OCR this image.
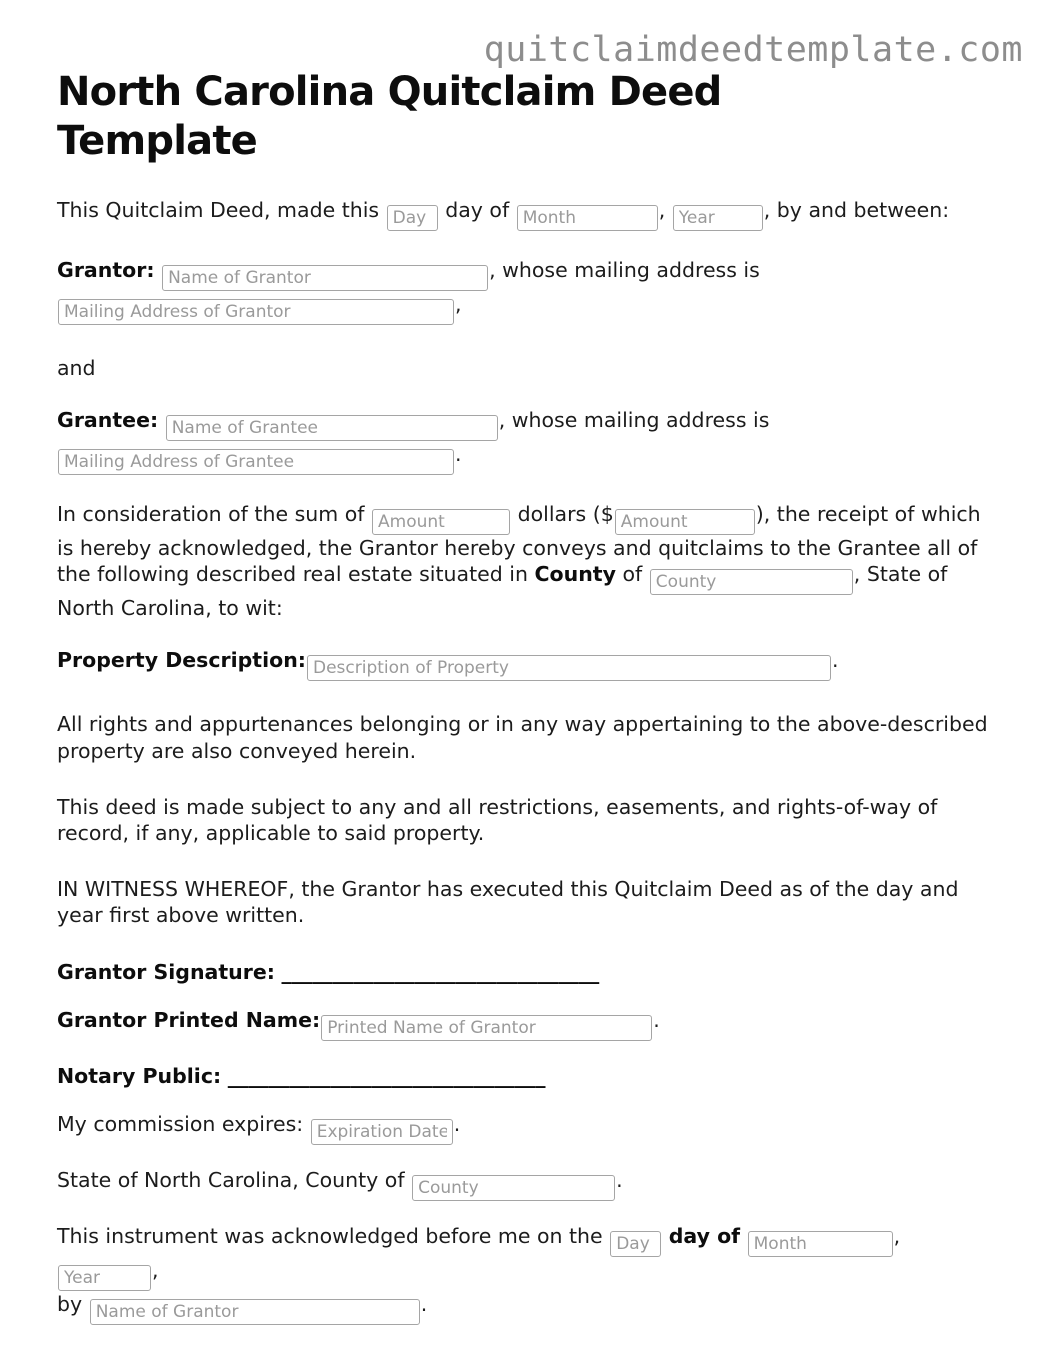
quitclaimdeedtemplate.com
North Carolina Quitclaim Deed Template

This Quitclaim Deed, made this Day	day of Month	, Year	, by and between:

Grantor: Name of Grantor	, whose mailing address is
Mailing Address of Grantor,

and

Grantee: Name of Grantee	, whose mailing address is
Mailing Address of Grantee.

In consideration of the sum of Amount	dollars ($Amount	), the receipt of which is hereby acknowledged, the Grantor hereby conveys and quitclaims to the Grantee all of the following described real estate situated in County of County	, State of North Carolina, to wit:

Property Description:Description of Property	.

All rights and appurtenances belonging or in any way appertaining to the above-described property are also conveyed herein.

This deed is made subject to any and all restrictions, easements, and rights-of-way of record, if any, applicable to said property.

IN WITNESS WHEREOF, the Grantor has executed this Quitclaim Deed as of the day and year first above written.

Grantor Signature: _______________________________

Grantor Printed Name:Printed Name of Grantor	.

Notary Public: _______________________________

My commission expires: Expiration Date	.

State of North Carolina, County of County	.

This instrument was acknowledged before me on the Day	day of Month	, Year,
by Name of Grantor	.
